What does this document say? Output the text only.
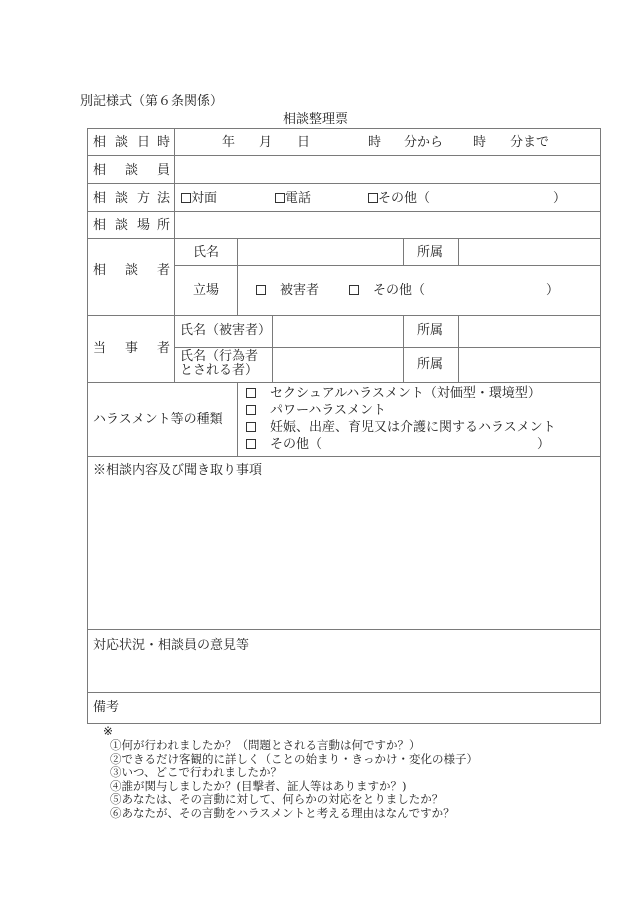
別記様式（第６条関係）
相談整理票
相 談 日 時	年 月 日	時 分から 時 分まで
相 談 員
相 談 方 法	対面	電話	その他（	）
相 談 場 所
相 談 者
氏名	所属
立場	被害者	その他（	）
当 事 者
氏名（被害者）	所属
氏名（行為者
とされる者）	所属
ハラスメント等の種類
セクシュアルハラスメント（対価型・環境型）
パワーハラスメント
妊娠、出産、育児又は介護に関するハラスメント
その他（	）
※相談内容及び聞き取り事項
対応状況・相談員の意見等
備考
※
①何が行われましたか？（問題とされる言動は何ですか？）
②できるだけ客観的に詳しく（ことの始まり・きっかけ・変化の様子）
③いつ、どこで行われましたか？
④誰が関与しましたか？(目撃者、証人等はありますか？)
⑤あなたは、その言動に対して、何らかの対応をとりましたか？
⑥あなたが、その言動をハラスメントと考える理由はなんですか？
